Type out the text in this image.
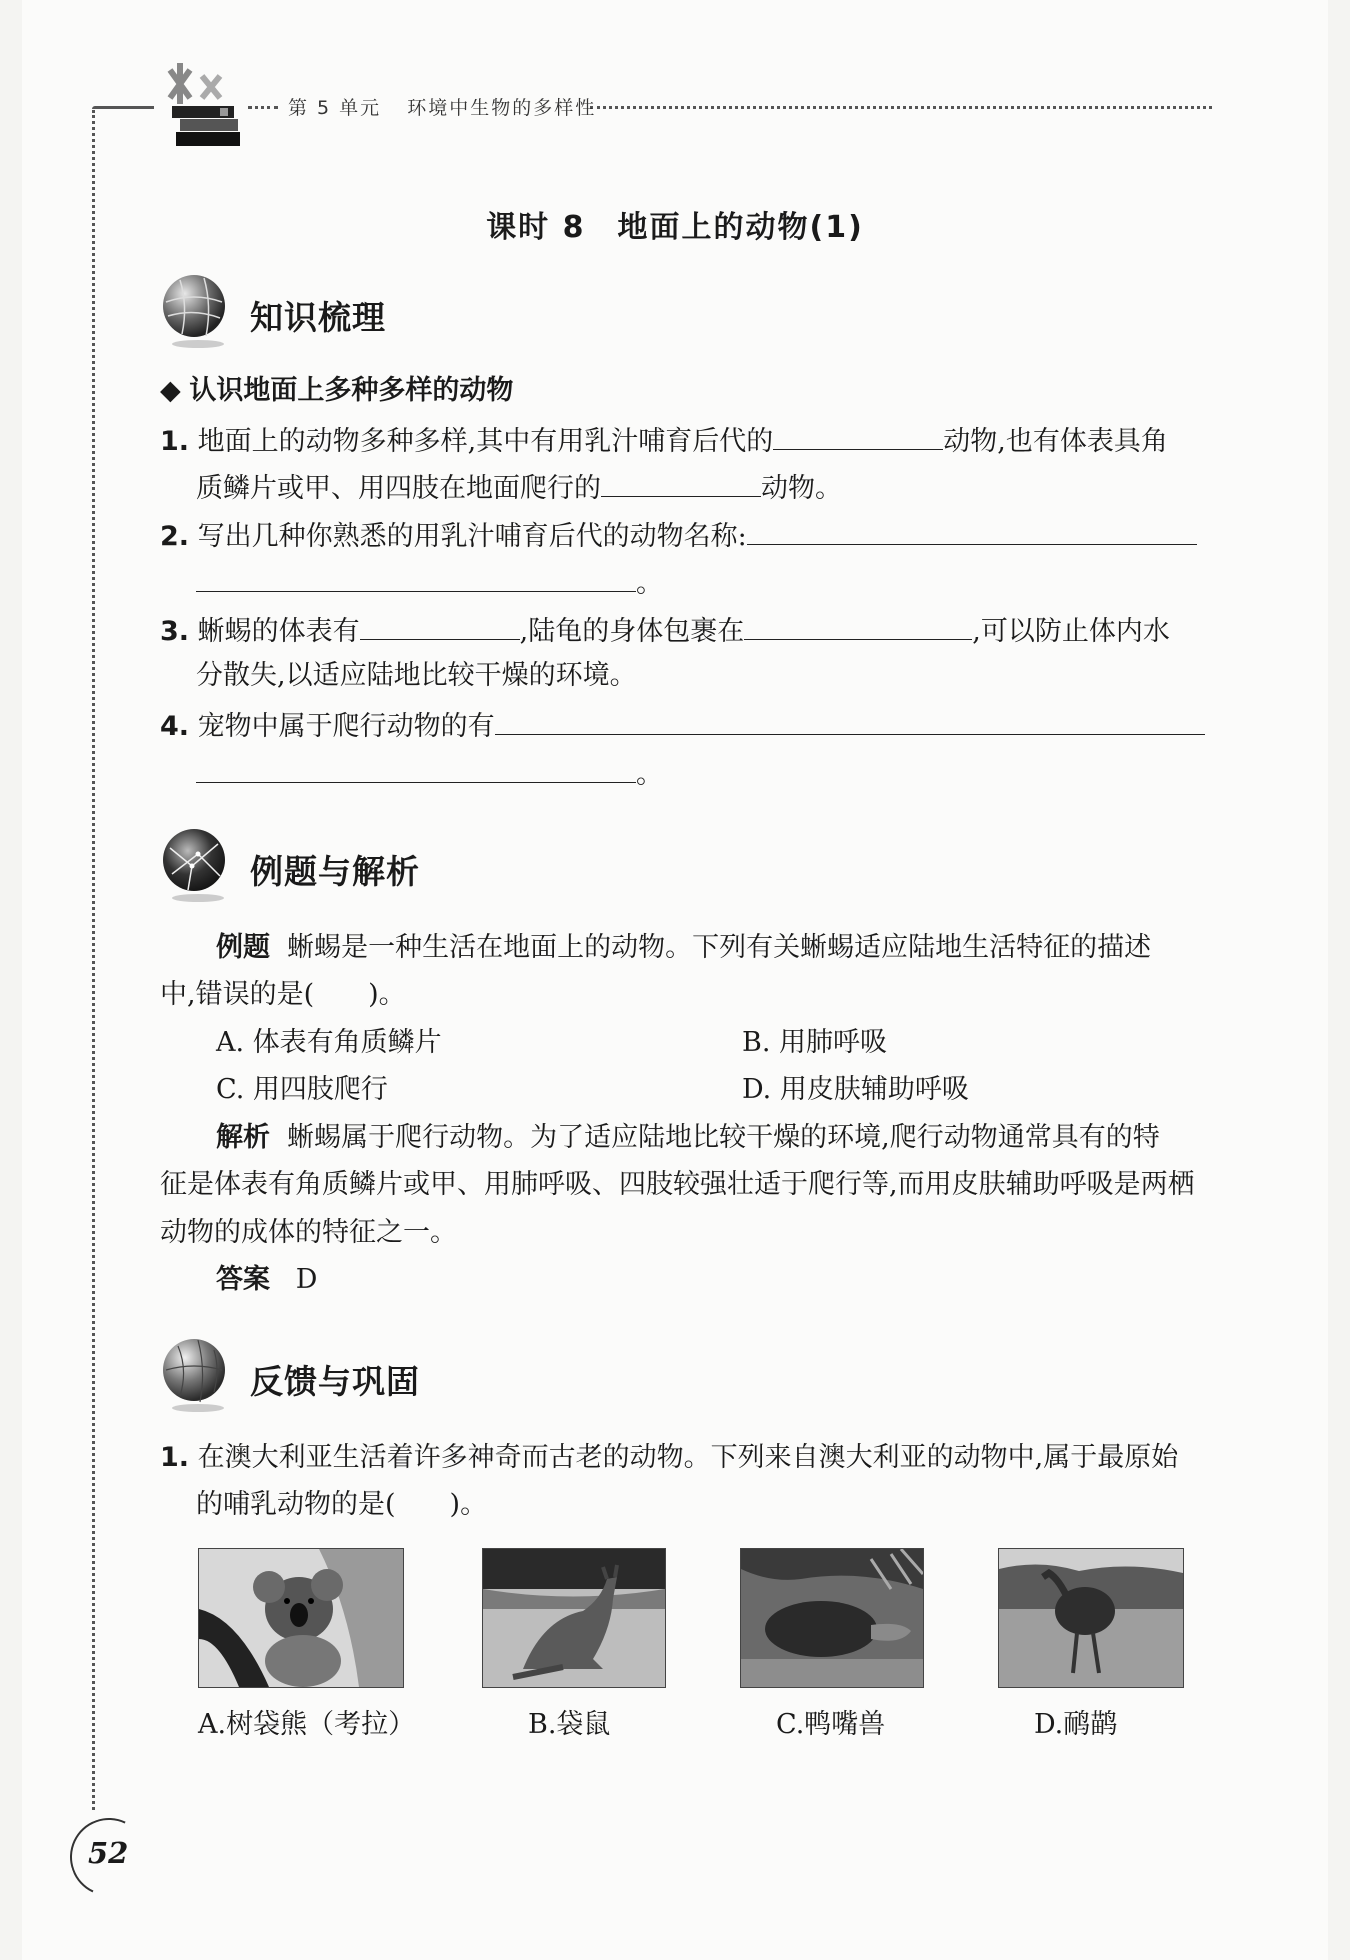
第 5 单元 环境中生物的多样性
课时 8　地面上的动物(1)
知识梳理
◆ 认识地面上多种多样的动物
1. 地面上的动物多种多样,其中有用乳汁哺育后代的	动物,也有体表具角
质鳞片或甲、用四肢在地面爬行的	动物。
2. 写出几种你熟悉的用乳汁哺育后代的动物名称:
。
3. 蜥蜴的体表有	,陆龟的身体包裹在	,可以防止体内水
分散失,以适应陆地比较干燥的环境。
4. 宠物中属于爬行动物的有
。
例题与解析
例题 蜥蜴是一种生活在地面上的动物。下列有关蜥蜴适应陆地生活特征的描述
中,错误的是(　　)。
A. 体表有角质鳞片	B. 用肺呼吸
C. 用四肢爬行	D. 用皮肤辅助呼吸
解析 蜥蜴属于爬行动物。为了适应陆地比较干燥的环境,爬行动物通常具有的特
征是体表有角质鳞片或甲、用肺呼吸、四肢较强壮适于爬行等,而用皮肤辅助呼吸是两栖
动物的成体的特征之一。
答案 D
反馈与巩固
1. 在澳大利亚生活着许多神奇而古老的动物。下列来自澳大利亚的动物中,属于最原始
的哺乳动物的是(　　)。
A.树袋熊（考拉）	B.袋鼠	C.鸭嘴兽	D.鸸鹋
52
